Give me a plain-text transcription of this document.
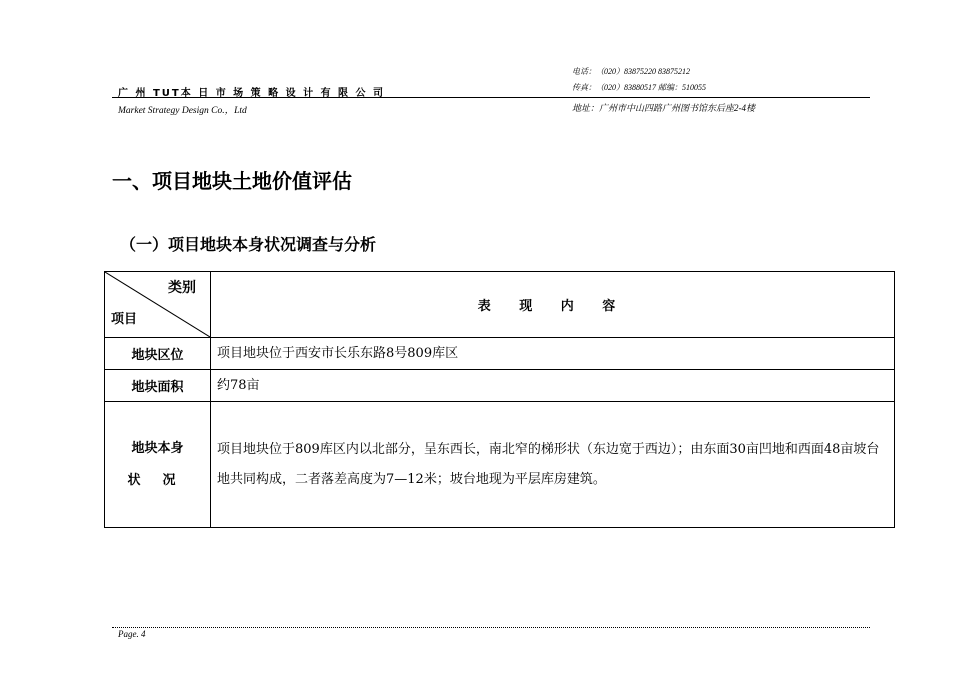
电话：（020）83875220 83875212
传真：（020）83880517 邮编：510055
广 州 TUT本 日 市 场 策 略 设 计 有 限 公 司
Market Strategy Design Co.，Ltd	地址：广州市中山四路广州图书馆东后座2-4楼
一、项目地块土地价值评估
（一）项目地块本身状况调查与分析
类别
项目	表 现 内 容
地块区位	项目地块位于西安市长乐东路8号809库区
地块面积	约78亩

地块本身
状况	项目地块位于809库区内以北部分，呈东西长，南北窄的梯形状（东边宽于西边）；由东面30亩凹地和西面48亩坡台地共同构成，二者落差高度为7—12米；坡台地现为平层库房建筑。
Page. 4
